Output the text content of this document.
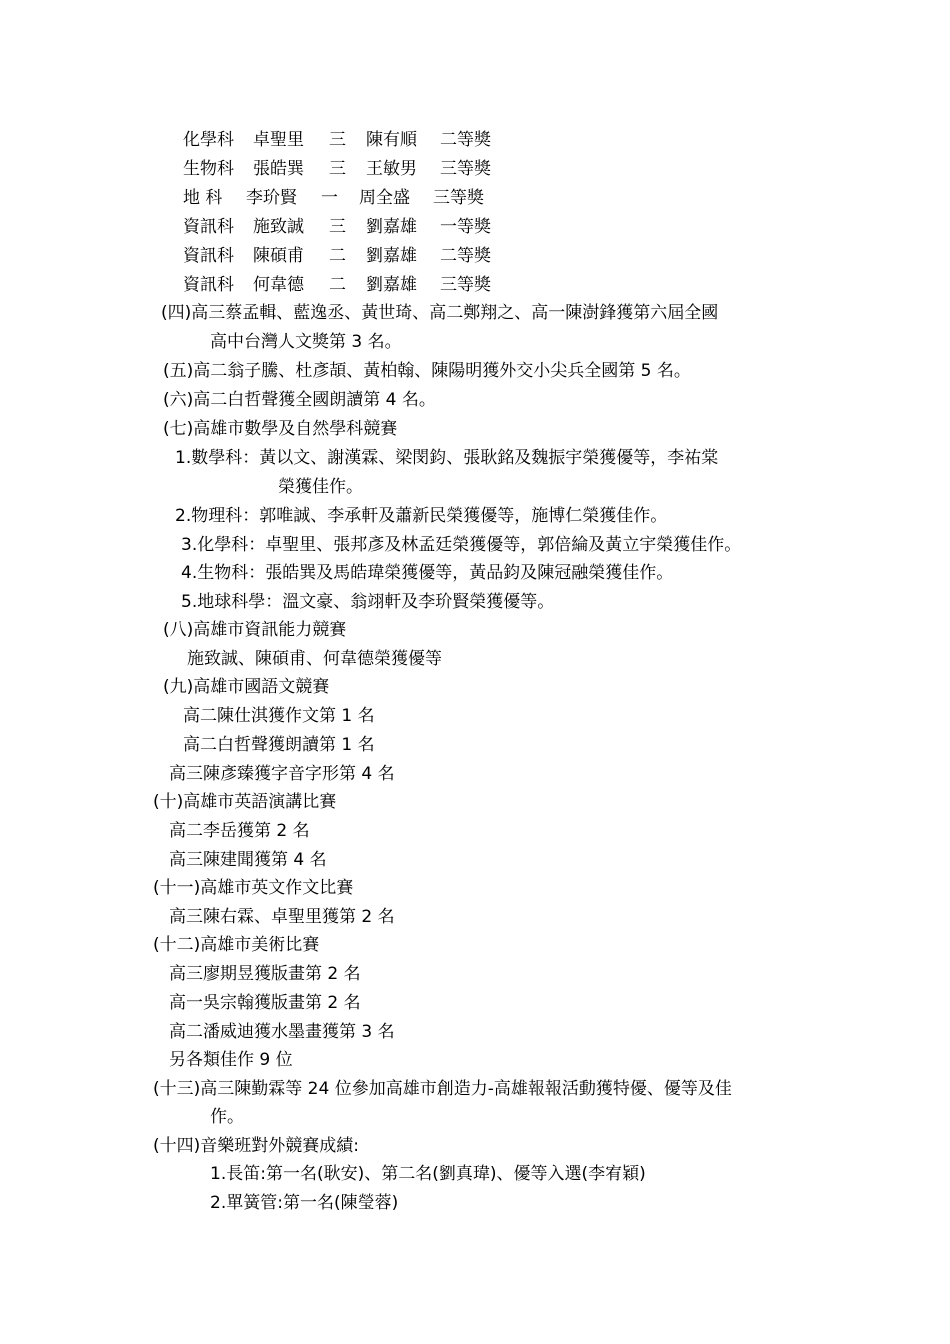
化學科

卓聖里

三

陳有順

二等獎

生物科

張皓巽

三

王敏男

三等獎

地 科

李玠賢

一

周全盛

三等獎

資訊科

施致誠

三

劉嘉雄

一等獎

資訊科

陳碩甫

二

劉嘉雄

二等獎

資訊科

何韋德

二

劉嘉雄

三等獎

(四)高三蔡孟輯、藍逸丞、黃世琦、高二鄭翔之、高一陳澍鋒獲第六屆全國
高中台灣人文獎第 3 名。
(五)高二翁子騰、杜彥頡、黃柏翰、陳陽明獲外交小尖兵全國第 5 名。
(六)高二白哲聲獲全國朗讀第 4 名。
(七)高雄市數學及自然學科競賽
1.數學科：黃以文、謝漢霖、梁閔鈞、張耿銘及魏振宇榮獲優等，李祐棠
榮獲佳作。
2.物理科：郭唯誠、李承軒及蕭新民榮獲優等，施博仁榮獲佳作。
3.化學科：卓聖里、張邦彥及林孟廷榮獲優等，郭倍綸及黃立宇榮獲佳作。
4.生物科：張皓巽及馬皓瑋榮獲優等，黃品鈞及陳冠融榮獲佳作。
5.地球科學：溫文豪、翁翊軒及李玠賢榮獲優等。
(八)高雄市資訊能力競賽
施致誠、陳碩甫、何韋德榮獲優等
(九)高雄市國語文競賽
高二陳仕淇獲作文第 1 名
高二白哲聲獲朗讀第 1 名
高三陳彥臻獲字音字形第 4 名
(十)高雄市英語演講比賽
高二李岳獲第 2 名
高三陳建聞獲第 4 名
(十一)高雄市英文作文比賽
高三陳右霖、卓聖里獲第 2 名
(十二)高雄市美術比賽
高三廖期昱獲版畫第 2 名
高一吳宗翰獲版畫第 2 名
高二潘威迪獲水墨畫獲第 3 名
另各類佳作 9 位
(十三)高三陳勤霖等 24 位參加高雄市創造力-高雄報報活動獲特優、優等及佳
作。
(十四)音樂班對外競賽成績:
1.長笛:第一名(耿安)、第二名(劉真瑋)、優等入選(李宥穎)
2.單簧管:第一名(陳瑩蓉)
